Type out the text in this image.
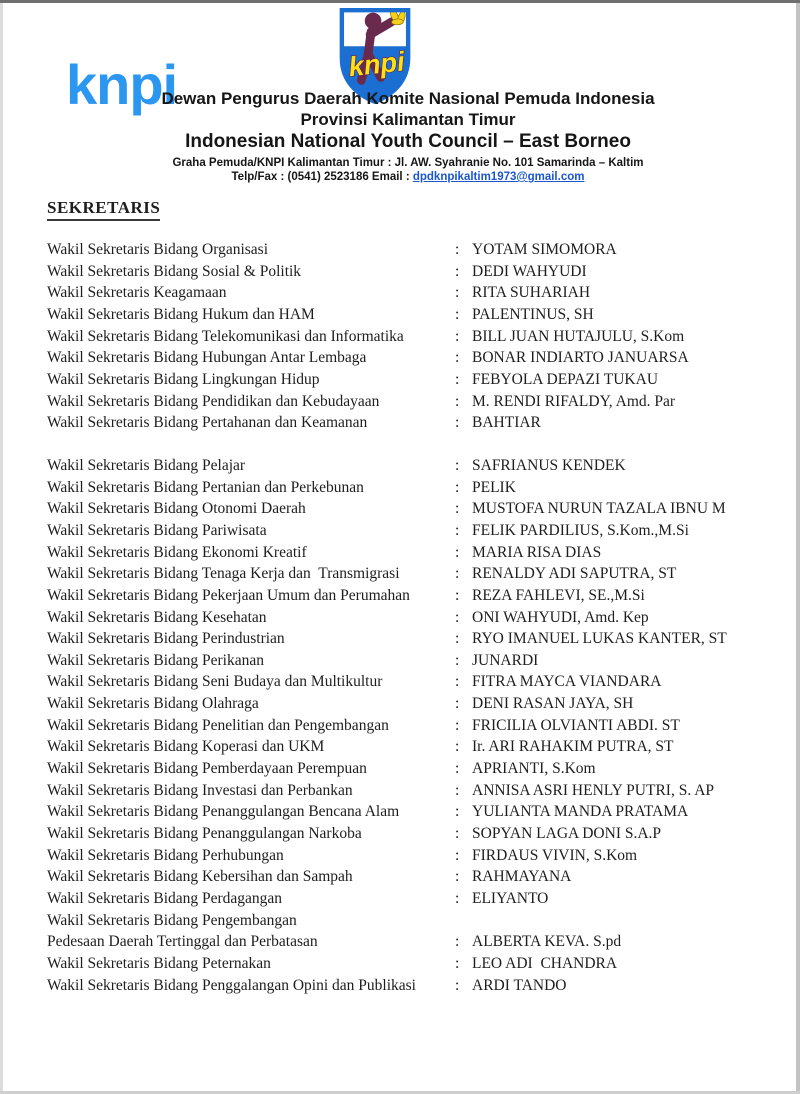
knpi	knpi
Dewan Pengurus Daerah Komite Nasional Pemuda Indonesia
Provinsi Kalimantan Timur
Indonesian National Youth Council – East Borneo
Graha Pemuda/KNPI Kalimantan Timur : Jl. AW. Syahranie No. 101 Samarinda – Kaltim
Telp/Fax : (0541) 2523186 Email : dpdknpikaltim1973@gmail.com
SEKRETARIS
Wakil Sekretaris Bidang Organisasi	: YOTAM SIMOMORA
Wakil Sekretaris Bidang Sosial & Politik	: DEDI WAHYUDI
Wakil Sekretaris Keagamaan	: RITA SUHARIAH
Wakil Sekretaris Bidang Hukum dan HAM	: PALENTINUS, SH
Wakil Sekretaris Bidang Telekomunikasi dan Informatika	: BILL JUAN HUTAJULU, S.Kom
Wakil Sekretaris Bidang Hubungan Antar Lembaga	: BONAR INDIARTO JANUARSA
Wakil Sekretaris Bidang Lingkungan Hidup	: FEBYOLA DEPAZI TUKAU
Wakil Sekretaris Bidang Pendidikan dan Kebudayaan	: M. RENDI RIFALDY, Amd. Par
Wakil Sekretaris Bidang Pertahanan dan Keamanan	: BAHTIAR
Wakil Sekretaris Bidang Pelajar	: SAFRIANUS KENDEK
Wakil Sekretaris Bidang Pertanian dan Perkebunan	: PELIK
Wakil Sekretaris Bidang Otonomi Daerah	: MUSTOFA NURUN TAZALA IBNU M
Wakil Sekretaris Bidang Pariwisata	: FELIK PARDILIUS, S.Kom.,M.Si
Wakil Sekretaris Bidang Ekonomi Kreatif	: MARIA RISA DIAS
Wakil Sekretaris Bidang Tenaga Kerja dan  Transmigrasi	: RENALDY ADI SAPUTRA, ST
Wakil Sekretaris Bidang Pekerjaan Umum dan Perumahan	: REZA FAHLEVI, SE.,M.Si
Wakil Sekretaris Bidang Kesehatan	: ONI WAHYUDI, Amd. Kep
Wakil Sekretaris Bidang Perindustrian	: RYO IMANUEL LUKAS KANTER, ST
Wakil Sekretaris Bidang Perikanan	: JUNARDI
Wakil Sekretaris Bidang Seni Budaya dan Multikultur	: FITRA MAYCA VIANDARA
Wakil Sekretaris Bidang Olahraga	: DENI RASAN JAYA, SH
Wakil Sekretaris Bidang Penelitian dan Pengembangan	: FRICILIA OLVIANTI ABDI. ST
Wakil Sekretaris Bidang Koperasi dan UKM	: Ir. ARI RAHAKIM PUTRA, ST
Wakil Sekretaris Bidang Pemberdayaan Perempuan	: APRIANTI, S.Kom
Wakil Sekretaris Bidang Investasi dan Perbankan	: ANNISA ASRI HENLY PUTRI, S. AP
Wakil Sekretaris Bidang Penanggulangan Bencana Alam	: YULIANTA MANDA PRATAMA
Wakil Sekretaris Bidang Penanggulangan Narkoba	: SOPYAN LAGA DONI S.A.P
Wakil Sekretaris Bidang Perhubungan	: FIRDAUS VIVIN, S.Kom
Wakil Sekretaris Bidang Kebersihan dan Sampah	: RAHMAYANA
Wakil Sekretaris Bidang Perdagangan	: ELIYANTO
Wakil Sekretaris Bidang Pengembangan
Pedesaan Daerah Tertinggal dan Perbatasan	: ALBERTA KEVA. S.pd
Wakil Sekretaris Bidang Peternakan	: LEO ADI  CHANDRA
Wakil Sekretaris Bidang Penggalangan Opini dan Publikasi	: ARDI TANDO
